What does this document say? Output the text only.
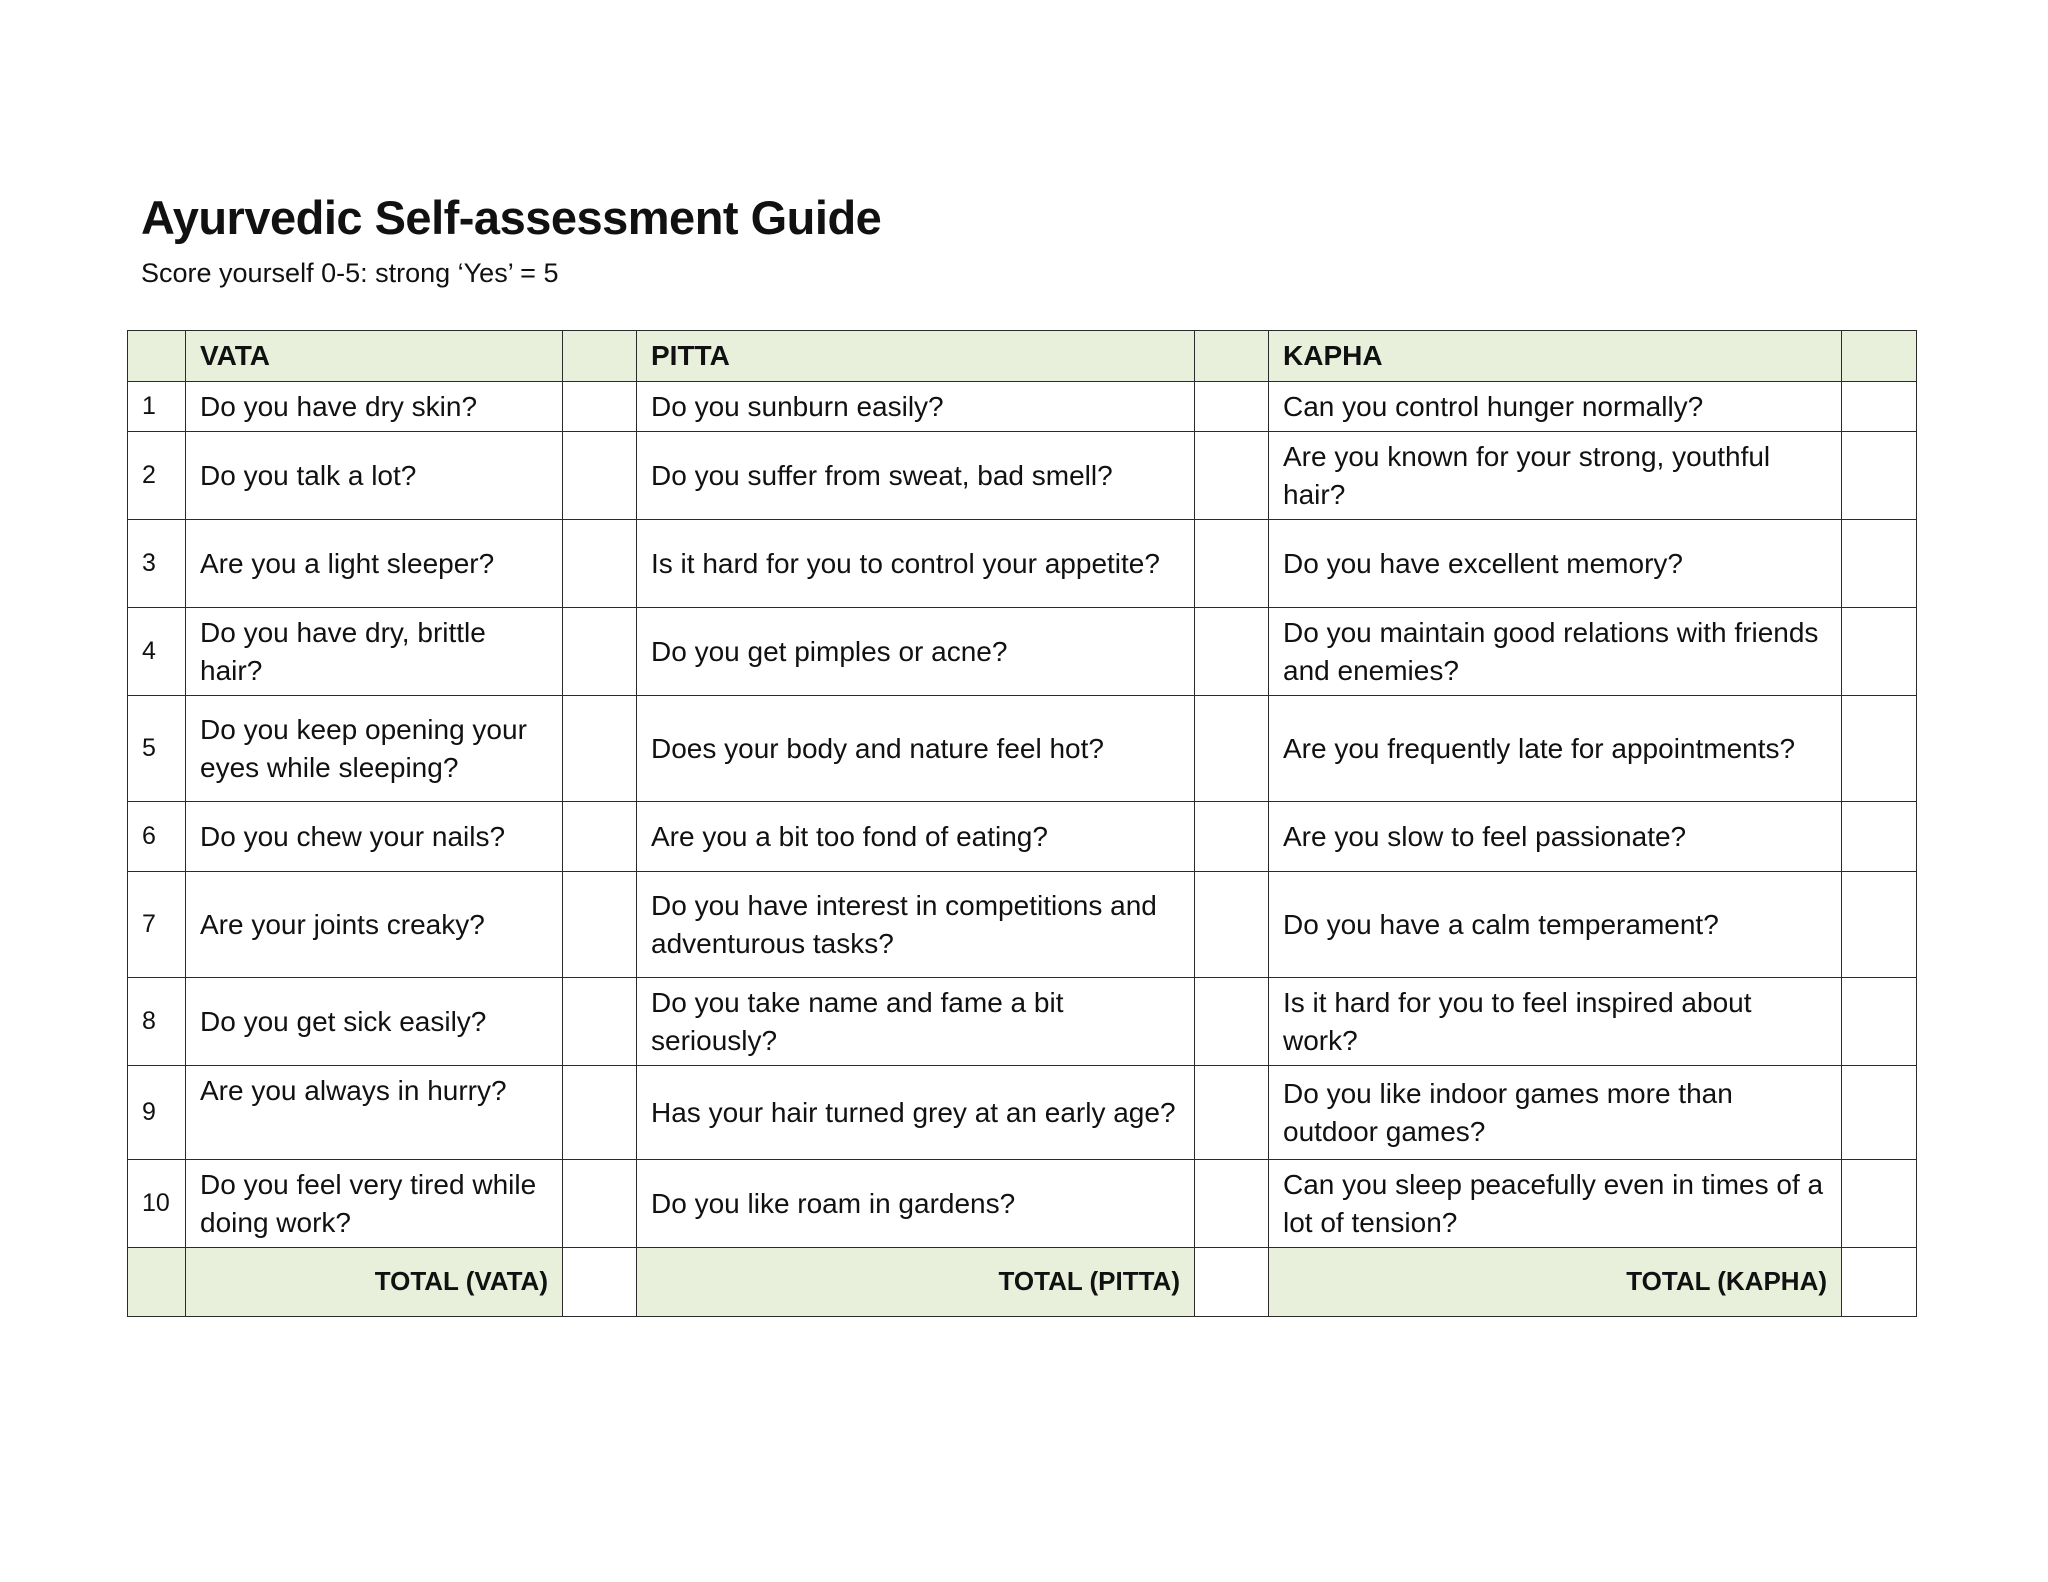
Ayurvedic Self-assessment Guide

Score yourself 0-5: strong ‘Yes’ = 5

	VATA		PITTA		KAPHA	
1	Do you have dry skin?		Do you sunburn easily?		Can you control hunger normally?	
2	Do you talk a lot?		Do you suffer from sweat, bad smell?		Are you known for your strong, youthful hair?	
3	Are you a light sleeper?		Is it hard for you to control your appetite?		Do you have excellent memory?	
4	Do you have dry, brittle hair?		Do you get pimples or acne?		Do you maintain good relations with friends and enemies?	
5	Do you keep opening your eyes while sleeping?		Does your body and nature feel hot?		Are you frequently late for appointments?	
6	Do you chew your nails?		Are you a bit too fond of eating?		Are you slow to feel passionate?	
7	Are your joints creaky?		Do you have interest in competitions and adventurous tasks?		Do you have a calm temperament?	
8	Do you get sick easily?		Do you take name and fame a bit seriously?		Is it hard for you to feel inspired about work?	
9	Are you always in hurry?		Has your hair turned grey at an early age?		Do you like indoor games more than outdoor games?	
10	Do you feel very tired while doing work?		Do you like roam in gardens?		Can you sleep peacefully even in times of a lot of tension?	
	TOTAL (VATA)		TOTAL (PITTA)		TOTAL (KAPHA)	
